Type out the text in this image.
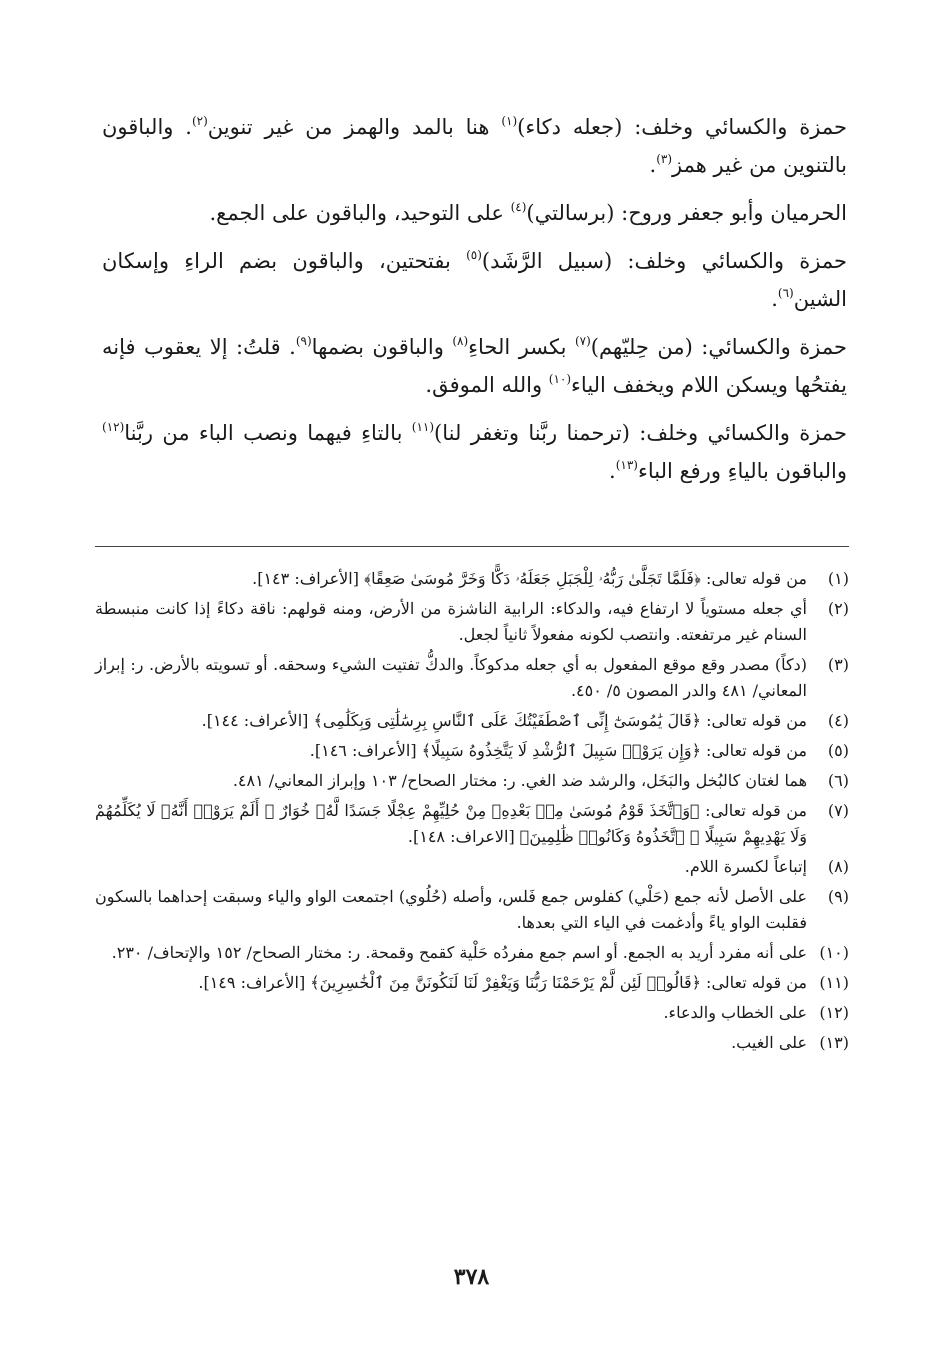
حمزة والكسائي وخلف: (جعله دكاء)$^{(١)}$ هنا بالمد والهمز من غير تنوين$^{(٢)}$. والباقون بالتنوين من غير همز$^{(٣)}$.

الحرميان وأبو جعفر وروح: (برسالتي)$^{(٤)}$ على التوحيد، والباقون على الجمع.

حمزة والكسائي وخلف: (سبيل الرَّشَد)$^{(٥)}$ بفتحتين، والباقون بضم الراءِ وإسكان الشين$^{(٦)}$.

حمزة والكسائي: (من حِليّهم)$^{(٧)}$ بكسر الحاءِ$^{(٨)}$ والباقون بضمها$^{(٩)}$. قلتُ: إلا يعقوب فإنه يفتحُها ويسكن اللام ويخفف الياء$^{(١٠)}$ والله الموفق.

حمزة والكسائي وخلف: (ترحمنا ربَّنا وتغفر لنا)$^{(١١)}$ بالتاءِ فيهما ونصب الباء من ربَّنا$^{(١٢)}$ والباقون بالياءِ ورفع الباء$^{(١٣)}$.

(١)
من قوله تعالى: ﴿فَلَمَّا تَجَلَّىٰ رَبُّهُۥ لِلْجَبَلِ جَعَلَهُۥ دَكًّا وَخَرَّ مُوسَىٰ صَعِقًا﴾ [الأعراف: ١٤٣].
(٢)
أي جعله مستوياً لا ارتفاع فيه، والدكاء: الرابية الناشزة من الأرض، ومنه قولهم: ناقة دكاءً إذا كانت منبسطة السنام غير مرتفعته. وانتصب لكونه مفعولاً ثانياً لجعل.
(٣)
(دكاً) مصدر وقع موقع المفعول به أي جعله مدكوكاً. والدكُّ تفتيت الشيء وسحقه. أو تسويته بالأرض. ر: إبراز المعاني/ ٤٨١ والدر المصون ٥/ ٤٥٠.
(٤)
من قوله تعالى: ﴿قَالَ يَٰمُوسَىٰٓ إِنِّى ٱصْطَفَيْتُكَ عَلَى ٱلنَّاسِ بِرِسَٰلَٰتِى وَبِكَلَٰمِى﴾ [الأعراف: ١٤٤].
(٥)
من قوله تعالى: ﴿وَإِن يَرَوْا۟ سَبِيلَ ٱلرُّشْدِ لَا يَتَّخِذُوهُ سَبِيلًا﴾ [الأعراف: ١٤٦].
(٦)
هما لغتان كالبُخل والبَخَل، والرشد ضد الغي. ر: مختار الصحاح/ ١٠٣ وإبراز المعاني/ ٤٨١.
(٧)
من قوله تعالى: ﴿وَٱتَّخَذَ قَوْمُ مُوسَىٰ مِنۢ بَعْدِهِۦ مِنْ حُلِيِّهِمْ عِجْلًا جَسَدًا لَّهُۥ خُوَارٌ ۚ أَلَمْ يَرَوْا۟ أَنَّهُۥ لَا يُكَلِّمُهُمْ وَلَا يَهْدِيهِمْ سَبِيلًا ۘ ٱتَّخَذُوهُ وَكَانُوا۟ ظَٰلِمِينَ﴾ [الاعراف: ١٤٨].
(٨)
إتباعاً لكسرة اللام.
(٩)
على الأصل لأنه جمع (حَلْي) كفلوس جمع فَلس، وأصله (حُلُوي) اجتمعت الواو والياء وسبقت إحداهما بالسكون فقلبت الواو ياءً وأدغمت في الياء التي بعدها.
(١٠)
على أنه مفرد أريد به الجمع. أو اسم جمع مفردُه حَلْية كقمح وقمحة. ر: مختار الصحاح/ ١٥٢ والإتحاف/ ٢٣٠.
(١١)
من قوله تعالى: ﴿قَالُوا۟ لَئِن لَّمْ يَرْحَمْنَا رَبُّنَا وَيَغْفِرْ لَنَا لَنَكُونَنَّ مِنَ ٱلْخَٰسِرِينَ﴾ [الأعراف: ١٤٩].
(١٢)
على الخطاب والدعاء.
(١٣)
على الغيب.
٣٧٨
